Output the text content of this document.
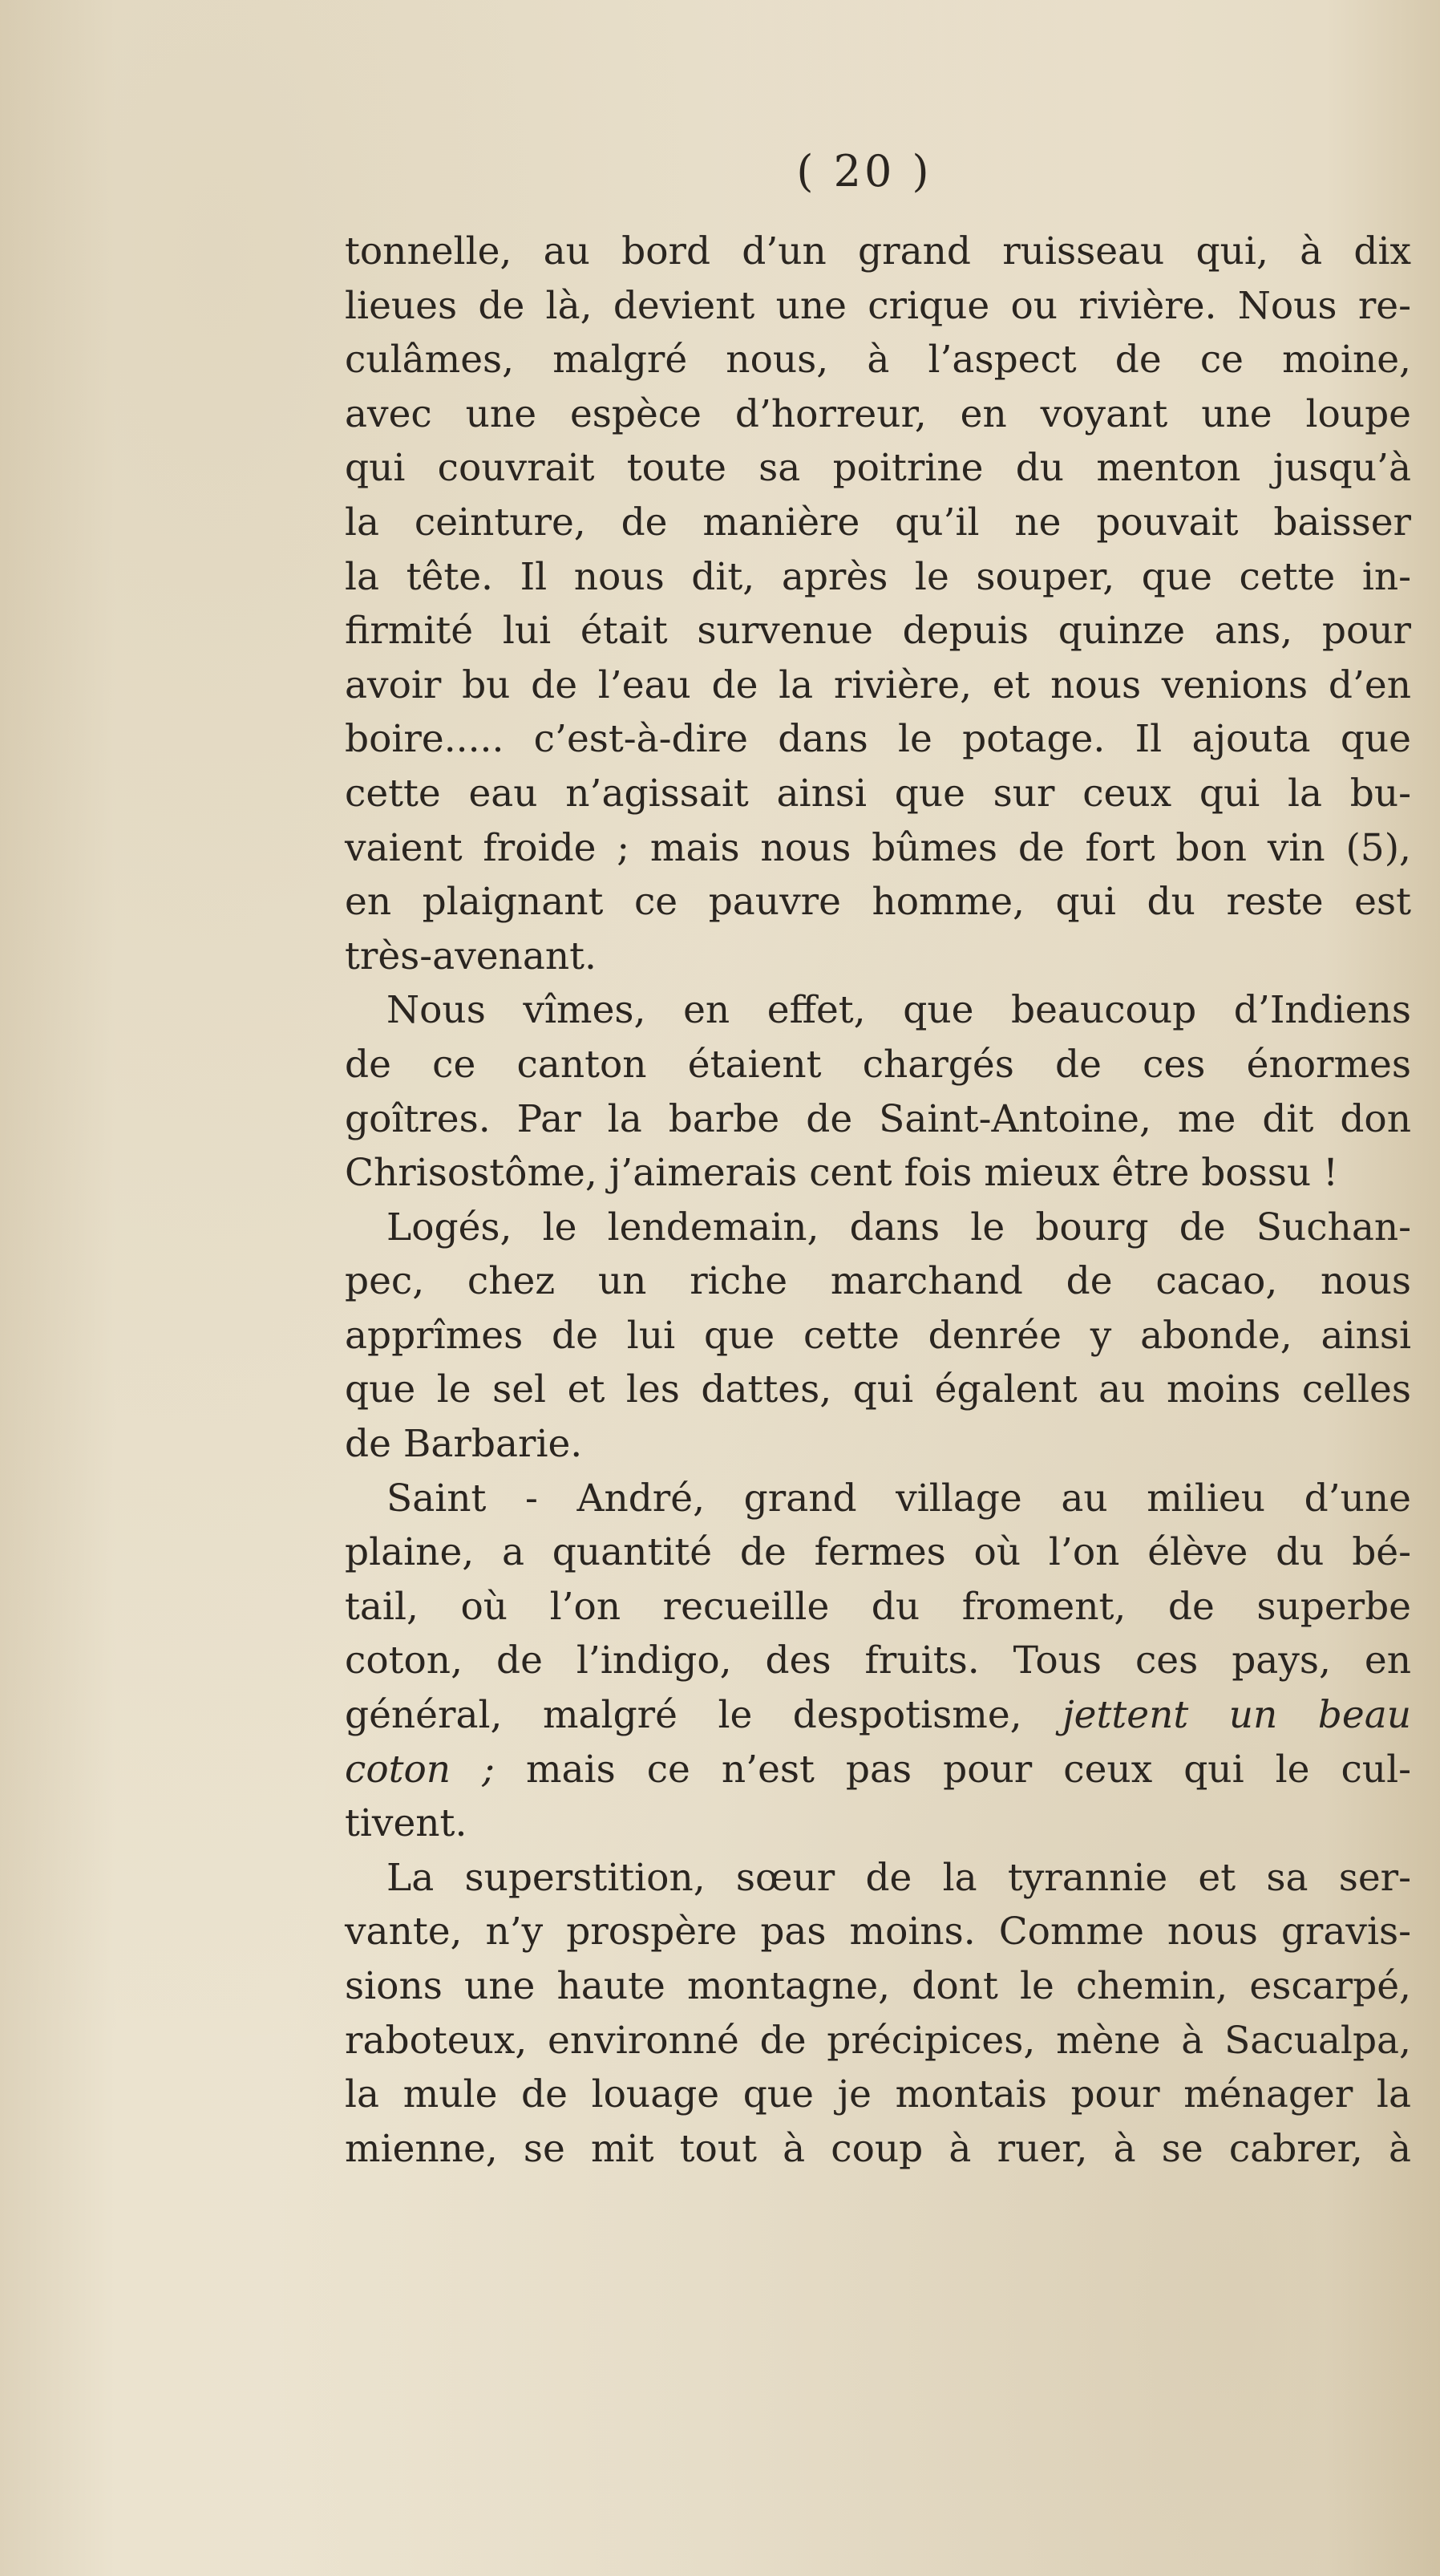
( 20 )
tonnelle, au bord d’un grand ruisseau qui, à dix
lieues de là, devient une crique ou rivière. Nous re-
culâmes, malgré nous, à l’aspect de ce moine,
avec une espèce d’horreur, en voyant une loupe
qui couvrait toute sa poitrine du menton jusqu’à
la ceinture, de manière qu’il ne pouvait baisser
la tête. Il nous dit, après le souper, que cette in-
firmité lui était survenue depuis quinze ans, pour
avoir bu de l’eau de la rivière, et nous venions d’en
boire..... c’est-à-dire dans le potage. Il ajouta que
cette eau n’agissait ainsi que sur ceux qui la bu-
vaient froide ; mais nous bûmes de fort bon vin (5),
en plaignant ce pauvre homme, qui du reste est
très-avenant.
Nous vîmes, en effet, que beaucoup d’Indiens
de ce canton étaient chargés de ces énormes
goîtres. Par la barbe de Saint-Antoine, me dit don
Chrisostôme, j’aimerais cent fois mieux être bossu !
Logés, le lendemain, dans le bourg de Suchan-
pec, chez un riche marchand de cacao, nous
apprîmes de lui que cette denrée y abonde, ainsi
que le sel et les dattes, qui égalent au moins celles
de Barbarie.
Saint - André, grand village au milieu d’une
plaine, a quantité de fermes où l’on élève du bé-
tail, où l’on recueille du froment, de superbe
coton, de l’indigo, des fruits. Tous ces pays, en
général, malgré le despotisme, jettent un beau
coton ; mais ce n’est pas pour ceux qui le cul-
tivent.
La superstition, sœur de la tyrannie et sa ser-
vante, n’y prospère pas moins. Comme nous gravis-
sions une haute montagne, dont le chemin, escarpé,
raboteux, environné de précipices, mène à Sacualpa,
la mule de louage que je montais pour ménager la
mienne, se mit tout à coup à ruer, à se cabrer, à
